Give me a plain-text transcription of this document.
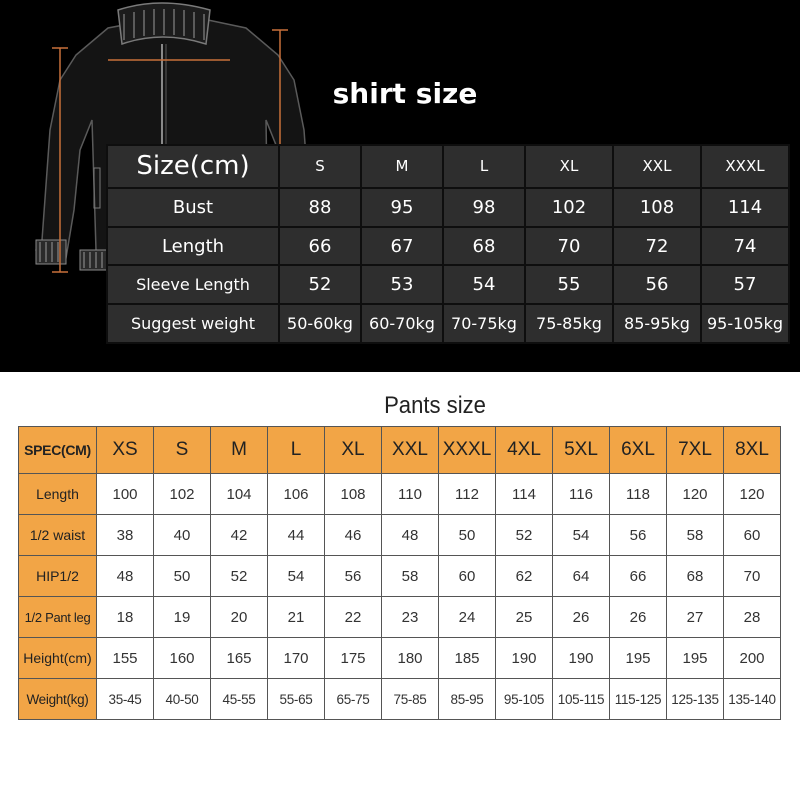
shirt size
Size(cm)	S	M	L	XL	XXL	XXXL
Bust	88	95	98	102	108	114
Length	66	67	68	70	72	74
Sleeve Length	52	53	54	55	56	57
Suggest weight	50-60kg	60-70kg	70-75kg	75-85kg	85-95kg	95-105kg
Pants size
SPEC(CM)	XS	S	M	L	XL	XXL	XXXL	4XL	5XL	6XL	7XL	8XL
Length	100	102	104	106	108	110	112	114	116	118	120	120
1/2 waist	38	40	42	44	46	48	50	52	54	56	58	60
HIP1/2	48	50	52	54	56	58	60	62	64	66	68	70
1/2 Pant leg	18	19	20	21	22	23	24	25	26	26	27	28
Height(cm)	155	160	165	170	175	180	185	190	190	195	195	200
Weight(kg)	35-45	40-50	45-55	55-65	65-75	75-85	85-95	95-105	105-115	115-125	125-135	135-140
